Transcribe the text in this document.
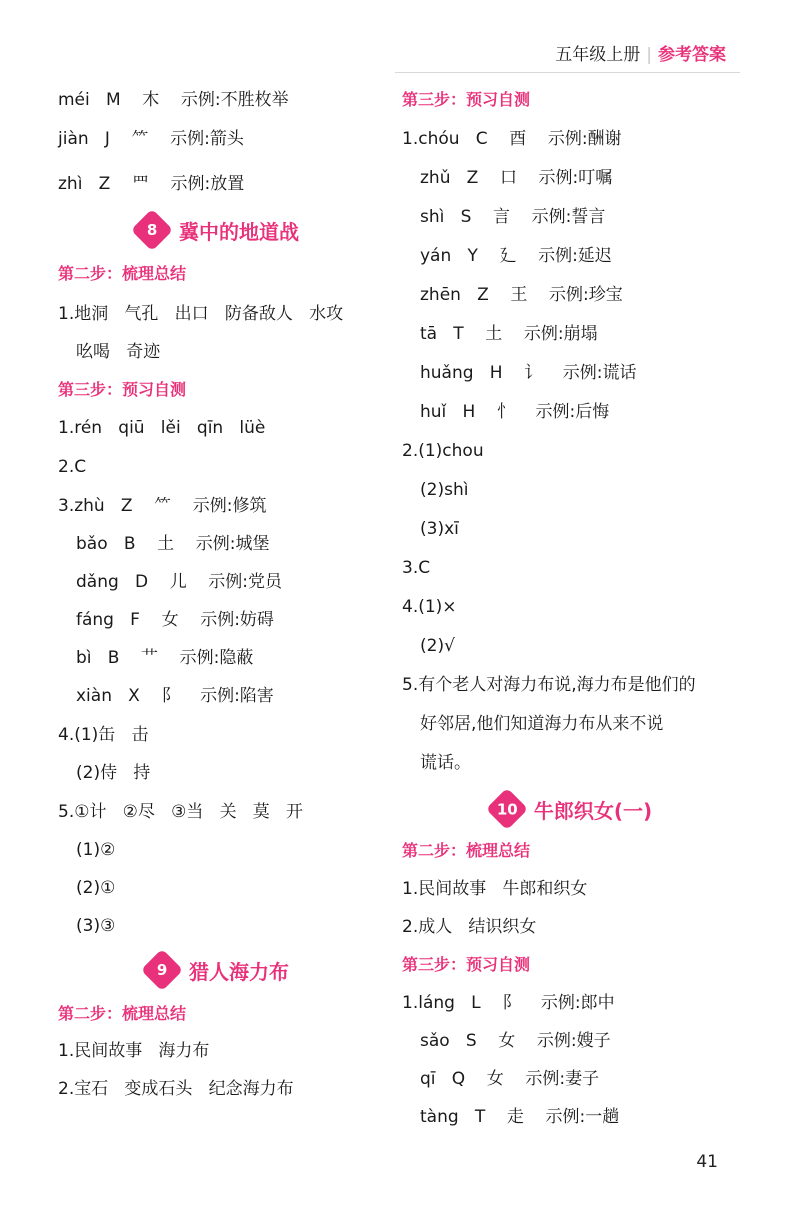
五年级上册 | 参考答案
méi   M    木    示例:不胜枚举
jiàn   J    ⺮    示例:箭头
zhì   Z    罒    示例:放置
8 冀中的地道战
第二步：梳理总结
1.地洞   气孔   出口   防备敌人   水攻
吆喝   奇迹
第三步：预习自测
1.rén   qiū   lěi   qīn   lüè
2.C
3.zhù   Z    ⺮    示例:修筑
bǎo   B    土    示例:城堡
dǎng   D    儿    示例:党员
fáng   F    女    示例:妨碍
bì   B    艹    示例:隐蔽
xiàn   X    阝    示例:陷害
4.(1)缶   击
(2)侍   持
5.①计   ②尽   ③当   关   莫   开
(1)②
(2)①
(3)③
9 猎人海力布
第二步：梳理总结
1.民间故事   海力布
2.宝石   变成石头   纪念海力布
第三步：预习自测
1.chóu   C    酉    示例:酬谢
zhǔ   Z    口    示例:叮嘱
shì   S    言    示例:誓言
yán   Y    廴    示例:延迟
zhēn   Z    王    示例:珍宝
tā   T    土    示例:崩塌
huǎng   H    讠    示例:谎话
huǐ   H    忄    示例:后悔
2.(1)chou
(2)shì
(3)xī
3.C
4.(1)×
(2)√
5.有个老人对海力布说,海力布是他们的
好邻居,他们知道海力布从来不说
谎话。
10 牛郎织女(一)
第二步：梳理总结
1.民间故事   牛郎和织女
2.成人   结识织女
第三步：预习自测
1.láng   L    阝    示例:郎中
sǎo   S    女    示例:嫂子
qī   Q    女    示例:妻子
tàng   T    走    示例:一趟
41
